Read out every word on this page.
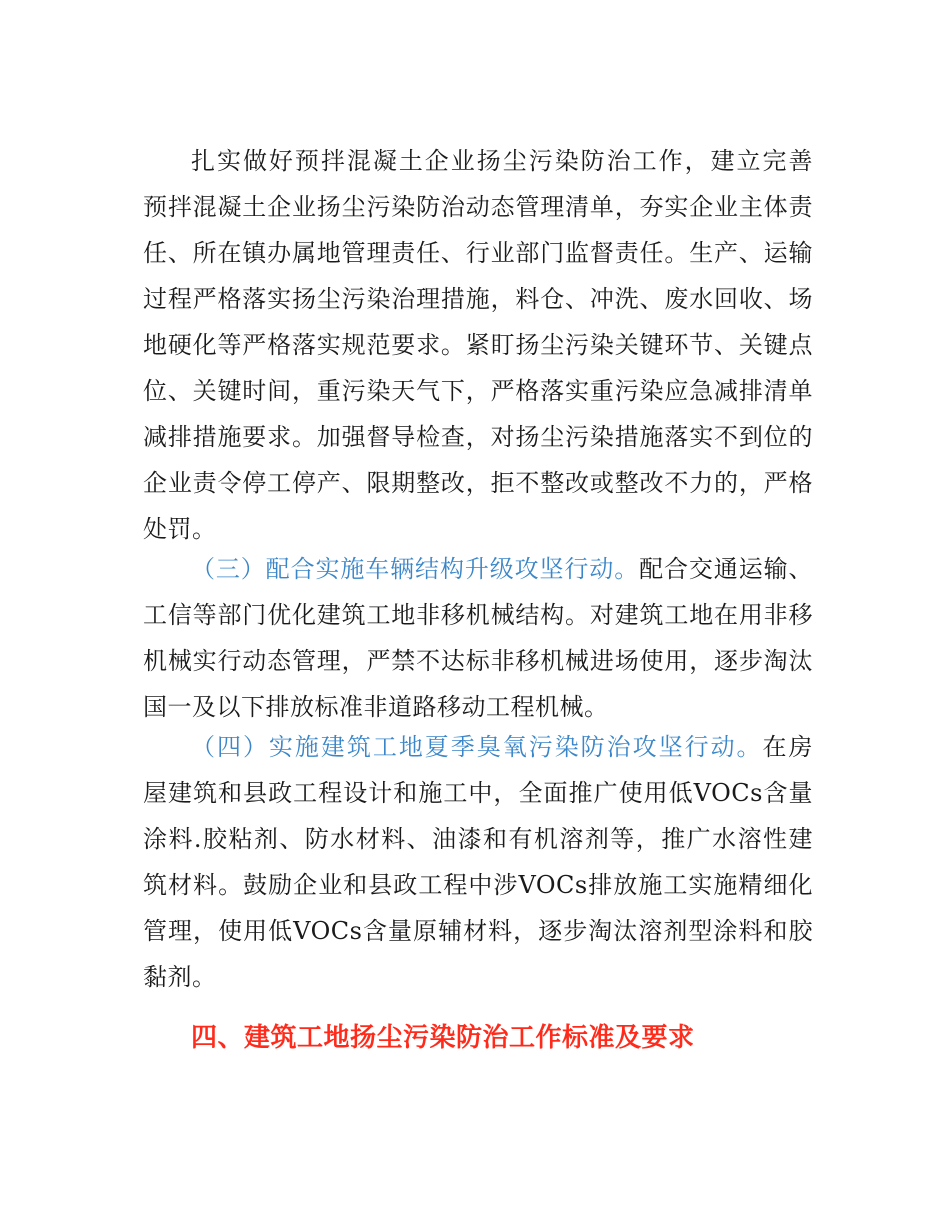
扎实做好预拌混凝土企业扬尘污染防治工作，建立完善
预拌混凝土企业扬尘污染防治动态管理清单，夯实企业主体责
任、所在镇办属地管理责任、行业部门监督责任。生产、运输
过程严格落实扬尘污染治理措施，料仓、冲洗、废水回收、场
地硬化等严格落实规范要求。紧盯扬尘污染关键环节、关键点
位、关键时间，重污染天气下，严格落实重污染应急减排清单
减排措施要求。加强督导检查，对扬尘污染措施落实不到位的
企业责令停工停产、限期整改，拒不整改或整改不力的，严格
处罚。
（三）配合实施车辆结构升级攻坚行动。配合交通运输、
工信等部门优化建筑工地非移机械结构。对建筑工地在用非移
机械实行动态管理，严禁不达标非移机械进场使用，逐步淘汰
国一及以下排放标准非道路移动工程机械。
（四）实施建筑工地夏季臭氧污染防治攻坚行动。在房
屋建筑和县政工程设计和施工中，全面推广使用低VOCs含量
涂料.胶粘剂、防水材料、油漆和有机溶剂等，推广水溶性建
筑材料。鼓励企业和县政工程中涉VOCs排放施工实施精细化
管理，使用低VOCs含量原辅材料，逐步淘汰溶剂型涂料和胶
黏剂。
四、建筑工地扬尘污染防治工作标准及要求
